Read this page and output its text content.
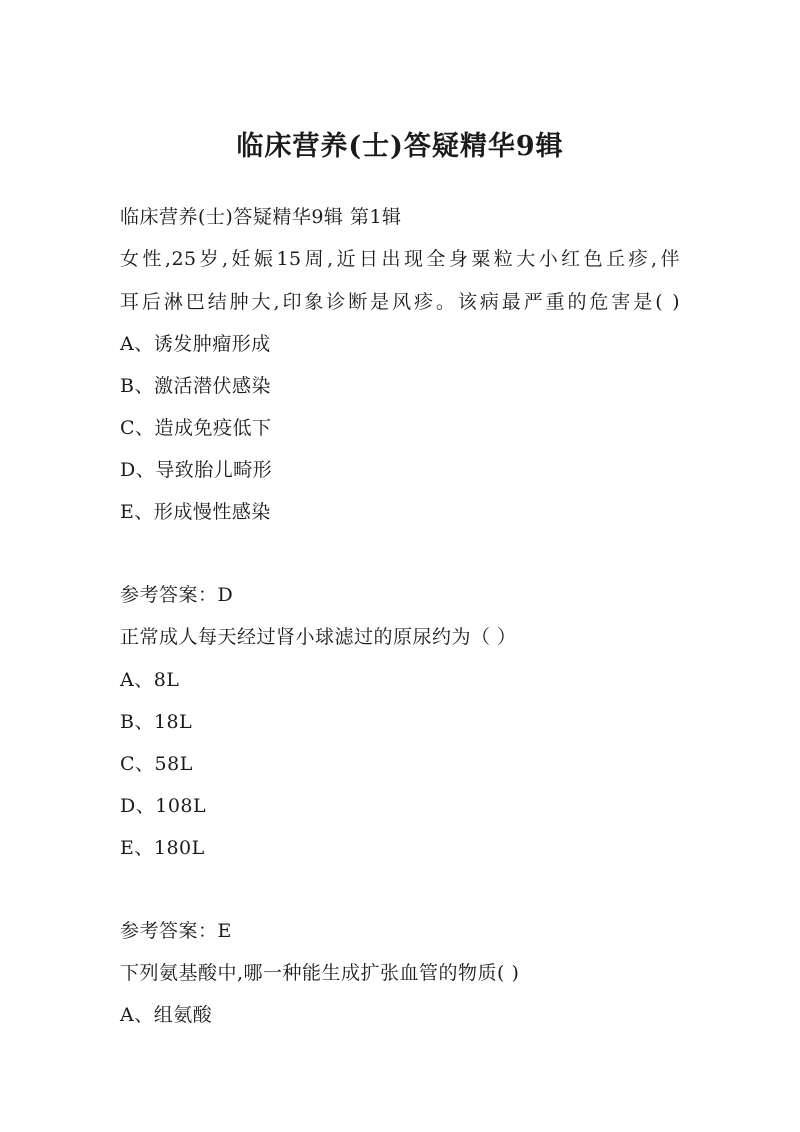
临床营养(士)答疑精华9辑
临床营养(士)答疑精华9辑 第1辑
女性,25岁,妊娠15周,近日出现全身粟粒大小红色丘疹,伴
耳后淋巴结肿大,印象诊断是风疹。该病最严重的危害是( )
A、诱发肿瘤形成
B、激活潜伏感染
C、造成免疫低下
D、导致胎儿畸形
E、形成慢性感染
参考答案：D
正常成人每天经过肾小球滤过的原尿约为（ ）
A、8L
B、18L
C、58L
D、108L
E、180L
参考答案：E
下列氨基酸中,哪一种能生成扩张血管的物质( )
A、组氨酸
